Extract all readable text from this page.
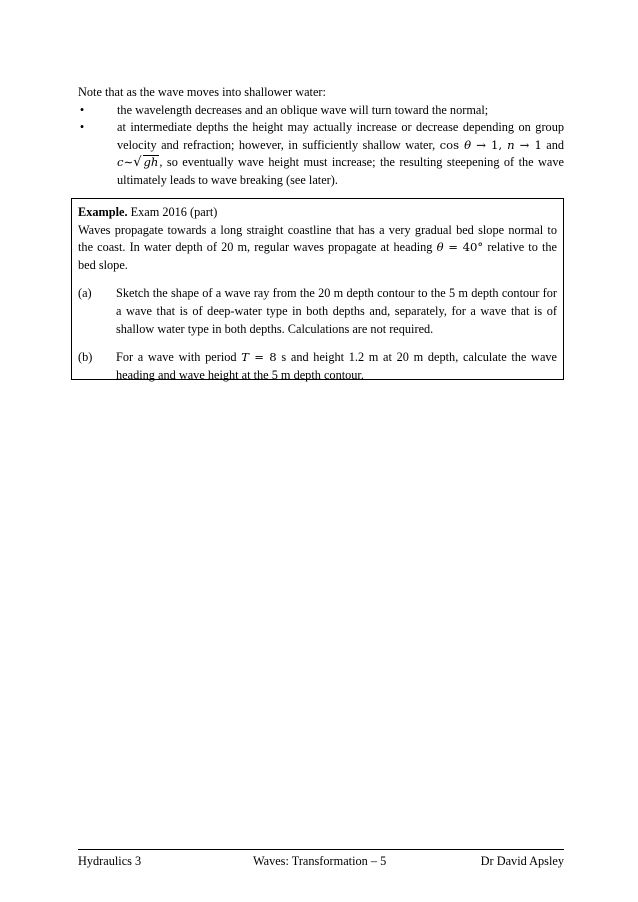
Note that as the wave moves into shallower water:

•	the wavelength decreases and an oblique wave will turn toward the normal;
•	at intermediate depths the height may actually increase or decrease depending on group velocity and refraction; however, in sufficiently shallow water, cos θ → 1, n → 1 and c∼√ gh, so eventually wave height must increase; the resulting steepening of the wave ultimately leads to wave breaking (see later).

Example. Exam 2016 (part)

Waves propagate towards a long straight coastline that has a very gradual bed slope normal to the coast. In water depth of 20 m, regular waves propagate at heading θ = 40° relative to the bed slope.

(a) Sketch the shape of a wave ray from the 20 m depth contour to the 5 m depth contour for a wave that is of deep-water type in both depths and, separately, for a wave that is of shallow water type in both depths. Calculations are not required.
(b) For a wave with period T = 8 s and height 1.2 m at 20 m depth, calculate the wave heading and wave height at the 5 m depth contour.
Hydraulics 3	Waves: Transformation – 5	Dr David Apsley
